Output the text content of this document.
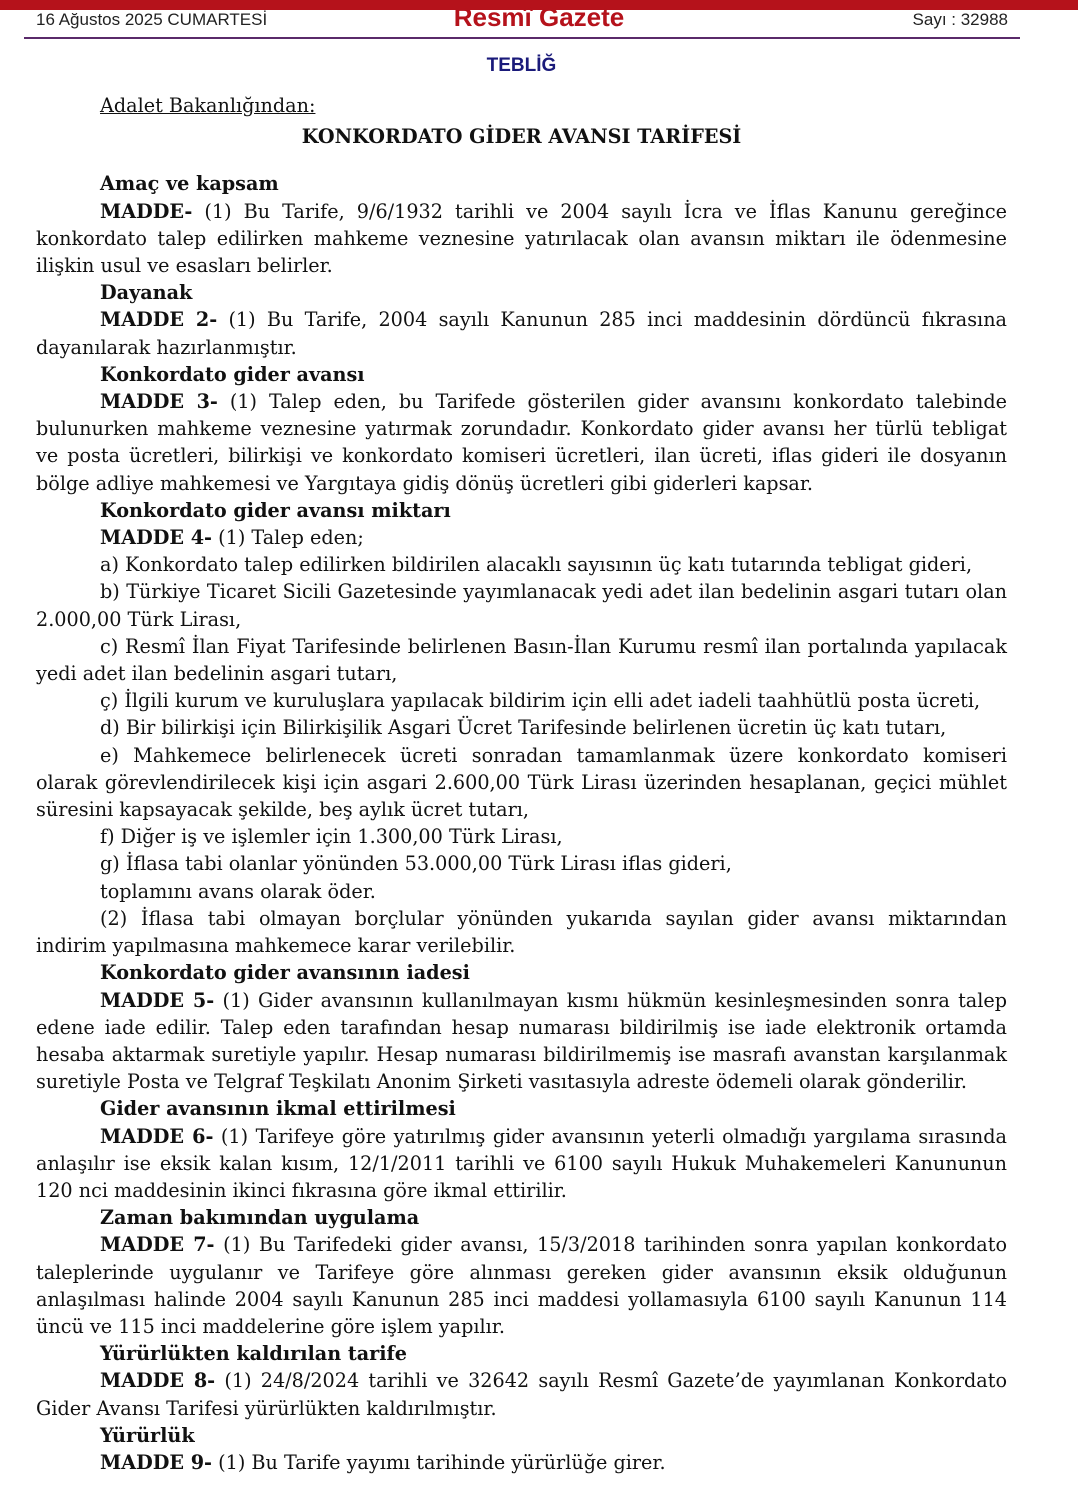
16 Ağustos 2025 CUMARTESİ	Resmî Gazete	Sayı : 32988
TEBLİĞ

Adalet Bakanlığından:

KONKORDATO GİDER AVANSI TARİFESİ

Amaç ve kapsam

MADDE- (1) Bu Tarife, 9/6/1932 tarihli ve 2004 sayılı İcra ve İflas Kanunu gereğince konkordato talep edilirken mahkeme veznesine yatırılacak olan avansın miktarı ile ödenmesine ilişkin usul ve esasları belirler.

Dayanak

MADDE 2- (1) Bu Tarife, 2004 sayılı Kanunun 285 inci maddesinin dördüncü fıkrasına dayanılarak hazırlanmıştır.

Konkordato gider avansı

MADDE 3- (1) Talep eden, bu Tarifede gösterilen gider avansını konkordato talebinde bulunurken mahkeme veznesine yatırmak zorundadır. Konkordato gider avansı her türlü tebligat ve posta ücretleri, bilirkişi ve konkordato komiseri ücretleri, ilan ücreti, iflas gideri ile dosyanın bölge adliye mahkemesi ve Yargıtaya gidiş dönüş ücretleri gibi giderleri kapsar.

Konkordato gider avansı miktarı

MADDE 4- (1) Talep eden;

a) Konkordato talep edilirken bildirilen alacaklı sayısının üç katı tutarında tebligat gideri,

b) Türkiye Ticaret Sicili Gazetesinde yayımlanacak yedi adet ilan bedelinin asgari tutarı olan 2.000,00 Türk Lirası,

c) Resmî İlan Fiyat Tarifesinde belirlenen Basın-İlan Kurumu resmî ilan portalında yapılacak yedi adet ilan bedelinin asgari tutarı,

ç) İlgili kurum ve kuruluşlara yapılacak bildirim için elli adet iadeli taahhütlü posta ücreti,

d) Bir bilirkişi için Bilirkişilik Asgari Ücret Tarifesinde belirlenen ücretin üç katı tutarı,

e) Mahkemece belirlenecek ücreti sonradan tamamlanmak üzere konkordato komiseri olarak görevlendirilecek kişi için asgari 2.600,00 Türk Lirası üzerinden hesaplanan, geçici mühlet süresini kapsayacak şekilde, beş aylık ücret tutarı,

f) Diğer iş ve işlemler için 1.300,00 Türk Lirası,

g) İflasa tabi olanlar yönünden 53.000,00 Türk Lirası iflas gideri,

toplamını avans olarak öder.

(2) İflasa tabi olmayan borçlular yönünden yukarıda sayılan gider avansı miktarından indirim yapılmasına mahkemece karar verilebilir.

Konkordato gider avansının iadesi

MADDE 5- (1) Gider avansının kullanılmayan kısmı hükmün kesinleşmesinden sonra talep edene iade edilir. Talep eden tarafından hesap numarası bildirilmiş ise iade elektronik ortamda hesaba aktarmak suretiyle yapılır. Hesap numarası bildirilmemiş ise masrafı avanstan karşılanmak suretiyle Posta ve Telgraf Teşkilatı Anonim Şirketi vasıtasıyla adreste ödemeli olarak gönderilir.

Gider avansının ikmal ettirilmesi

MADDE 6- (1) Tarifeye göre yatırılmış gider avansının yeterli olmadığı yargılama sırasında anlaşılır ise eksik kalan kısım, 12/1/2011 tarihli ve 6100 sayılı Hukuk Muhakemeleri Kanununun 120 nci maddesinin ikinci fıkrasına göre ikmal ettirilir.

Zaman bakımından uygulama

MADDE 7- (1) Bu Tarifedeki gider avansı, 15/3/2018 tarihinden sonra yapılan konkordato taleplerinde uygulanır ve Tarifeye göre alınması gereken gider avansının eksik olduğunun anlaşılması halinde 2004 sayılı Kanunun 285 inci maddesi yollamasıyla 6100 sayılı Kanunun 114 üncü ve 115 inci maddelerine göre işlem yapılır.

Yürürlükten kaldırılan tarife

MADDE 8- (1) 24/8/2024 tarihli ve 32642 sayılı Resmî Gazete’de yayımlanan Konkordato Gider Avansı Tarifesi yürürlükten kaldırılmıştır.

Yürürlük

MADDE 9- (1) Bu Tarife yayımı tarihinde yürürlüğe girer.
